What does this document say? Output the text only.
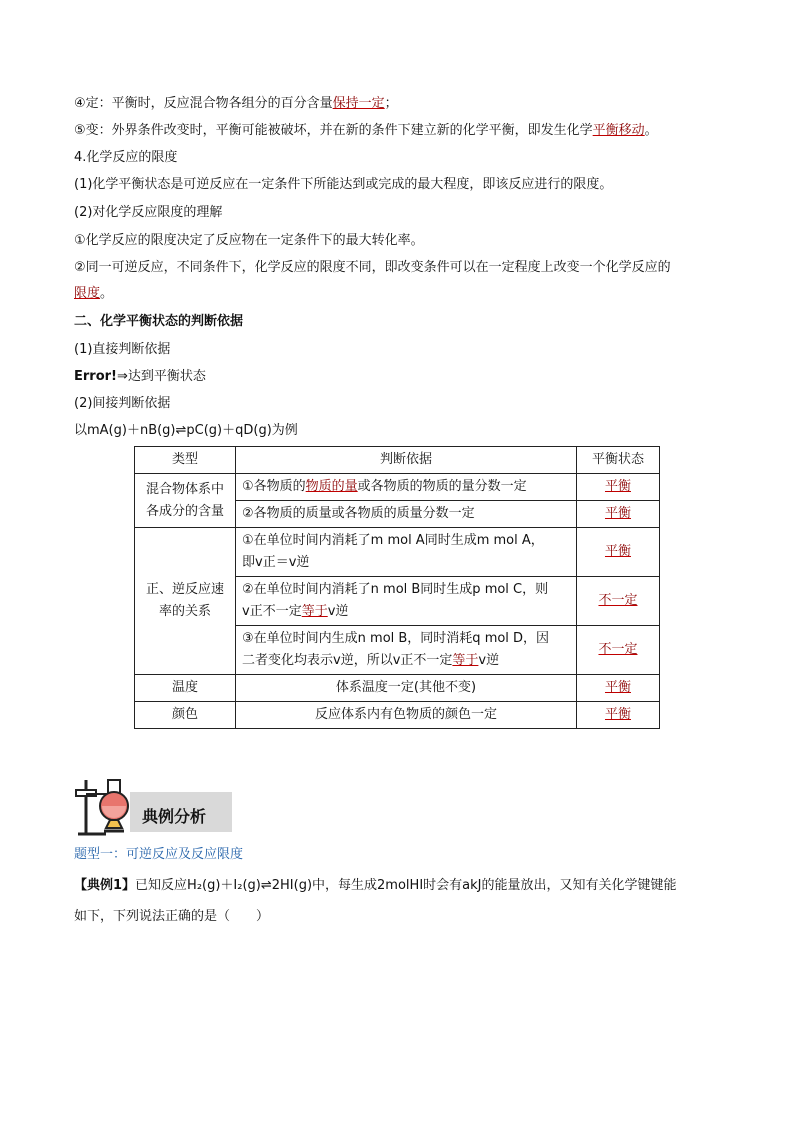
④定：平衡时，反应混合物各组分的百分含量保持一定；
⑤变：外界条件改变时，平衡可能被破坏，并在新的条件下建立新的化学平衡，即发生化学平衡移动。
4.化学反应的限度
(1)化学平衡状态是可逆反应在一定条件下所能达到或完成的最大程度，即该反应进行的限度。
(2)对化学反应限度的理解
①化学反应的限度决定了反应物在一定条件下的最大转化率。
②同一可逆反应，不同条件下，化学反应的限度不同，即改变条件可以在一定程度上改变一个化学反应的
限度。
二、化学平衡状态的判断依据
(1)直接判断依据
Error!⇒达到平衡状态
(2)间接判断依据
以mA(g)＋nB(g)⇌pC(g)＋qD(g)为例
类型	判断依据	平衡状态
混合物体系中各成分的含量	①各物质的物质的量或各物质的物质的量分数一定	平衡
	②各物质的质量或各物质的质量分数一定	平衡
正、逆反应速率的关系	①在单位时间内消耗了m mol A同时生成m mol A，
即v正＝v逆	平衡

	②在单位时间内消耗了n mol B同时生成p mol C，则
v正不一定等于v逆	不一定

	③在单位时间内生成n mol B，同时消耗q mol D，因
二者变化均表示v逆，所以v正不一定等于v逆	不一定
温度	体系温度一定(其他不变)	平衡
颜色	反应体系内有色物质的颜色一定	平衡
典例分析
题型一：可逆反应及反应限度
【典例1】已知反应H₂(g)＋I₂(g)⇌2HI(g)中，每生成2molHI时会有akJ的能量放出，又知有关化学键键能
如下，下列说法正确的是（　　）
